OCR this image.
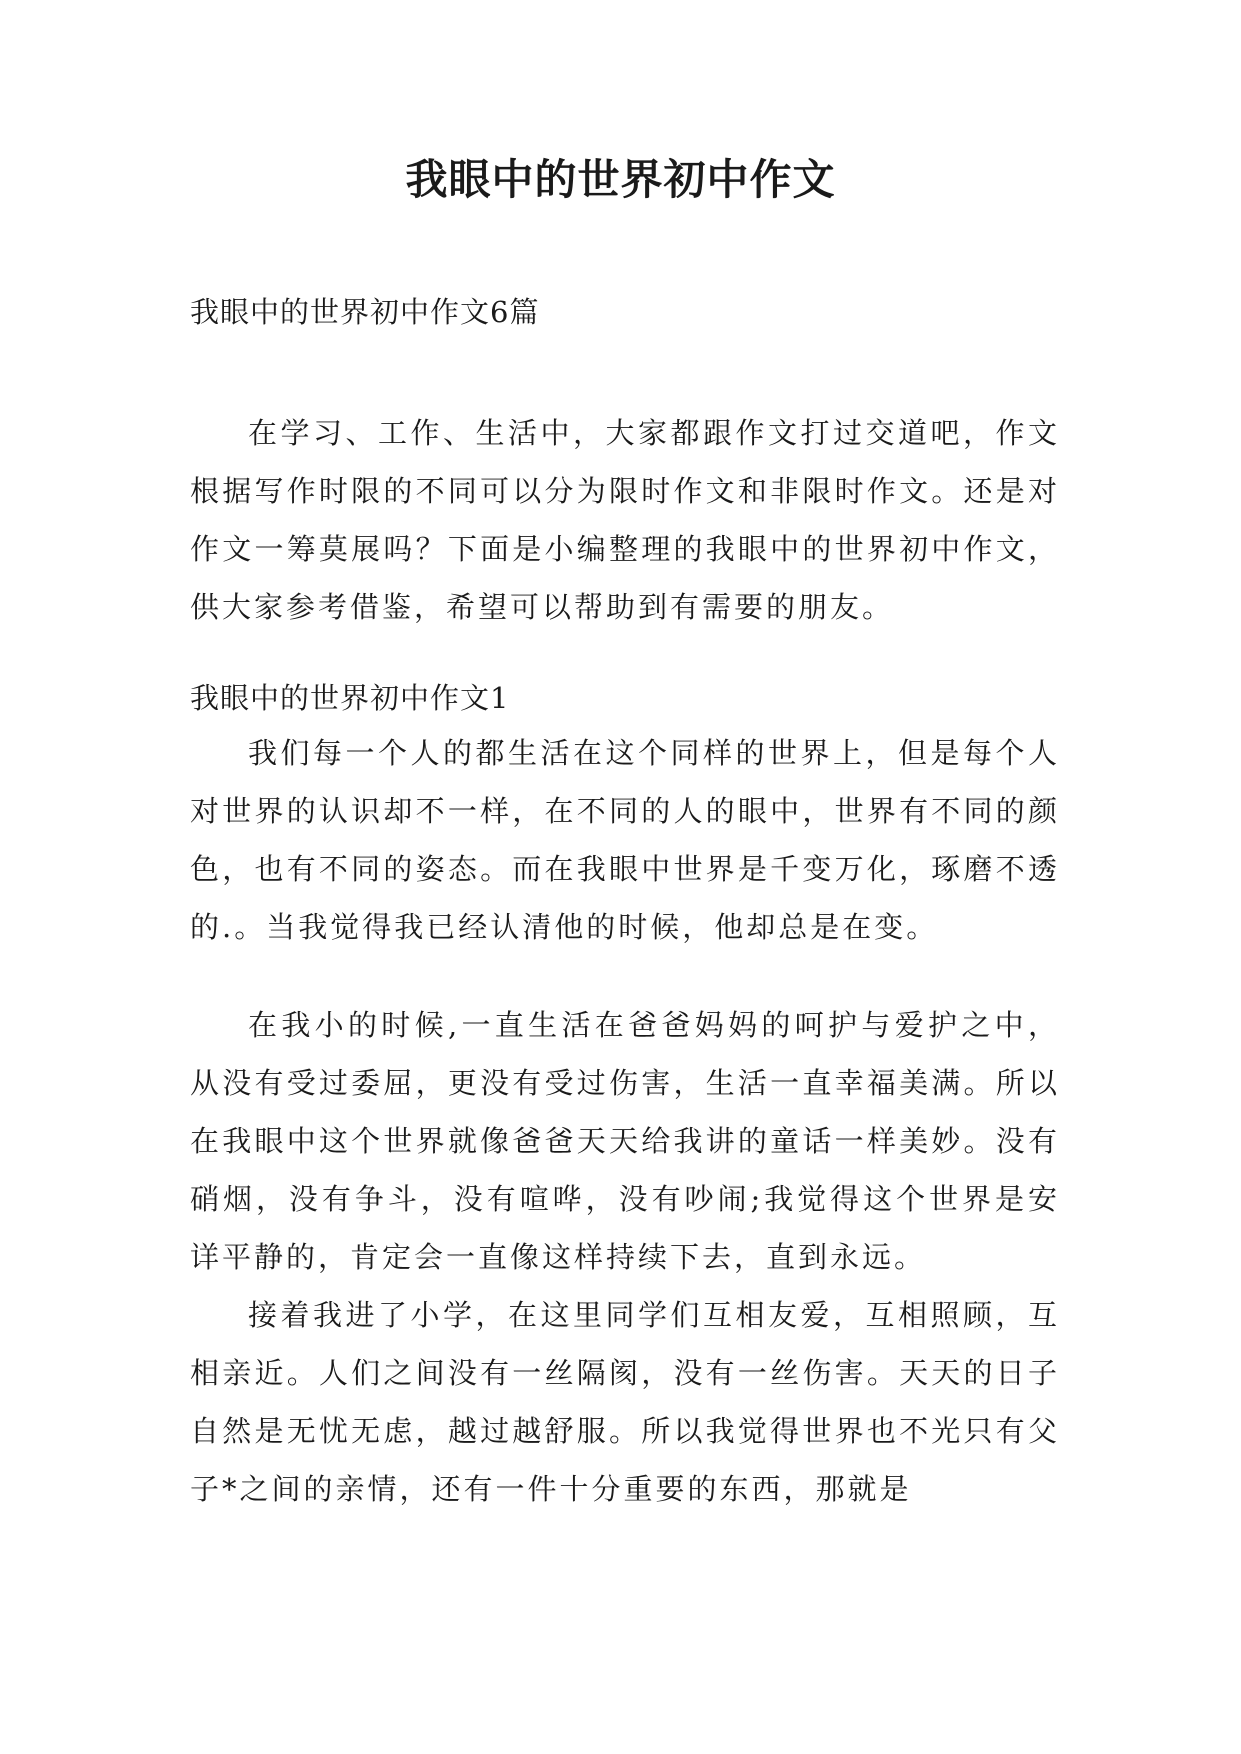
我眼中的世界初中作文

我眼中的世界初中作文6篇

在学习、工作、生活中，大家都跟作文打过交道吧，作文根据写作时限的不同可以分为限时作文和非限时作文。还是对作文一筹莫展吗？下面是小编整理的我眼中的世界初中作文，供大家参考借鉴，希望可以帮助到有需要的朋友。

我眼中的世界初中作文1

我们每一个人的都生活在这个同样的世界上，但是每个人对世界的认识却不一样，在不同的人的眼中，世界有不同的颜色，也有不同的姿态。而在我眼中世界是千变万化，琢磨不透的.。当我觉得我已经认清他的时候，他却总是在变。

在我小的时候,一直生活在爸爸妈妈的呵护与爱护之中，从没有受过委屈，更没有受过伤害，生活一直幸福美满。所以在我眼中这个世界就像爸爸天天给我讲的童话一样美妙。没有硝烟，没有争斗，没有喧哗，没有吵闹;我觉得这个世界是安详平静的，肯定会一直像这样持续下去，直到永远。

接着我进了小学，在这里同学们互相友爱，互相照顾，互相亲近。人们之间没有一丝隔阂，没有一丝伤害。天天的日子自然是无忧无虑，越过越舒服。所以我觉得世界也不光只有父子*之间的亲情，还有一件十分重要的东西，那就是
